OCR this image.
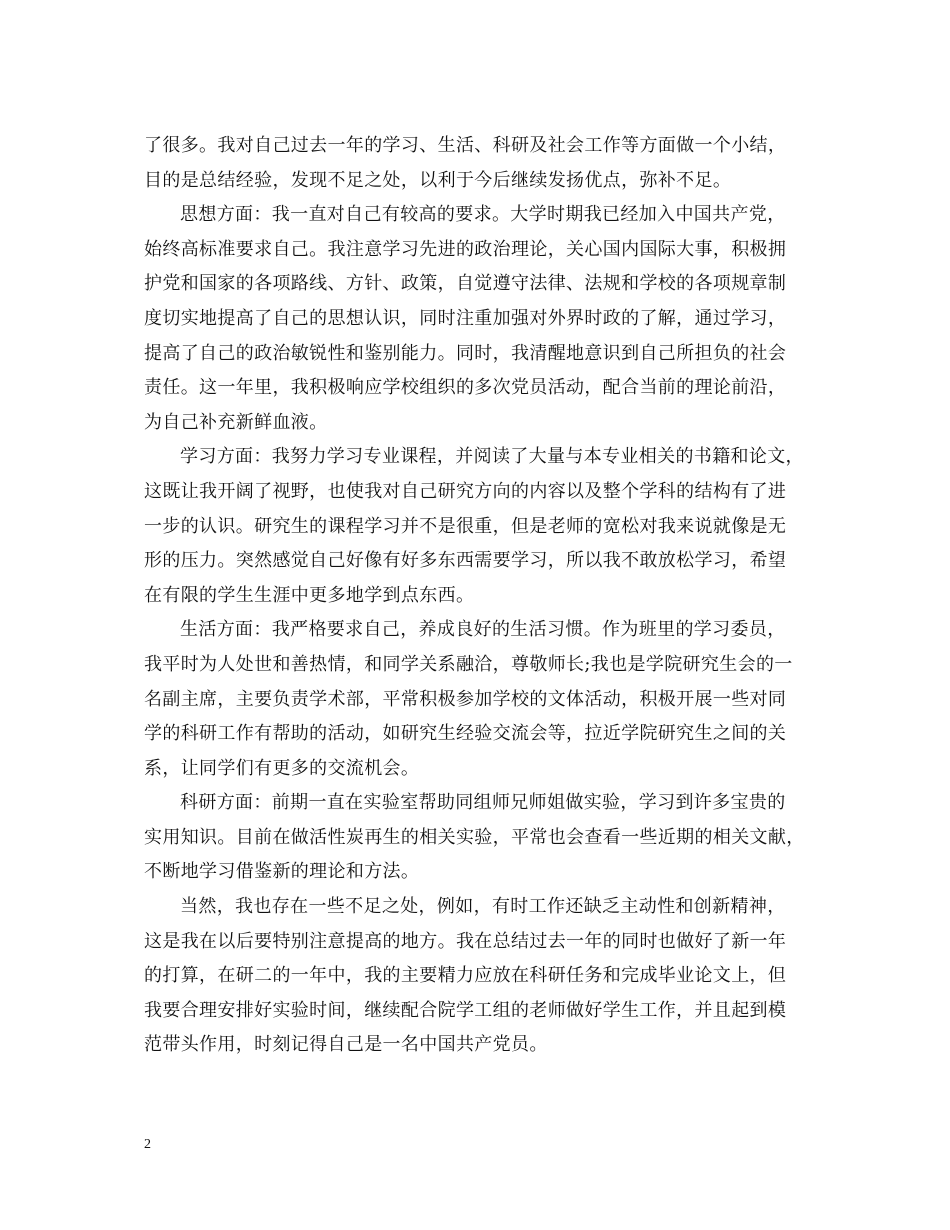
了很多。我对自己过去一年的学习、生活、科研及社会工作等方面做一个小结，
目的是总结经验，发现不足之处，以利于今后继续发扬优点，弥补不足。

思想方面：我一直对自己有较高的要求。大学时期我已经加入中国共产党，
始终高标准要求自己。我注意学习先进的政治理论，关心国内国际大事，积极拥
护党和国家的各项路线、方针、政策，自觉遵守法律、法规和学校的各项规章制
度切实地提高了自己的思想认识，同时注重加强对外界时政的了解，通过学习，
提高了自己的政治敏锐性和鉴别能力。同时，我清醒地意识到自己所担负的社会
责任。这一年里，我积极响应学校组织的多次党员活动，配合当前的理论前沿，
为自己补充新鲜血液。

学习方面：我努力学习专业课程，并阅读了大量与本专业相关的书籍和论文，
这既让我开阔了视野，也使我对自己研究方向的内容以及整个学科的结构有了进
一步的认识。研究生的课程学习并不是很重，但是老师的宽松对我来说就像是无
形的压力。突然感觉自己好像有好多东西需要学习，所以我不敢放松学习，希望
在有限的学生生涯中更多地学到点东西。

生活方面：我严格要求自己，养成良好的生活习惯。作为班里的学习委员，
我平时为人处世和善热情，和同学关系融洽，尊敬师长;我也是学院研究生会的一
名副主席，主要负责学术部，平常积极参加学校的文体活动，积极开展一些对同
学的科研工作有帮助的活动，如研究生经验交流会等，拉近学院研究生之间的关
系，让同学们有更多的交流机会。

科研方面：前期一直在实验室帮助同组师兄师姐做实验，学习到许多宝贵的
实用知识。目前在做活性炭再生的相关实验，平常也会查看一些近期的相关文献，
不断地学习借鉴新的理论和方法。

当然，我也存在一些不足之处，例如，有时工作还缺乏主动性和创新精神，
这是我在以后要特别注意提高的地方。我在总结过去一年的同时也做好了新一年
的打算，在研二的一年中，我的主要精力应放在科研任务和完成毕业论文上，但
我要合理安排好实验时间，继续配合院学工组的老师做好学生工作，并且起到模
范带头作用，时刻记得自己是一名中国共产党员。

2
